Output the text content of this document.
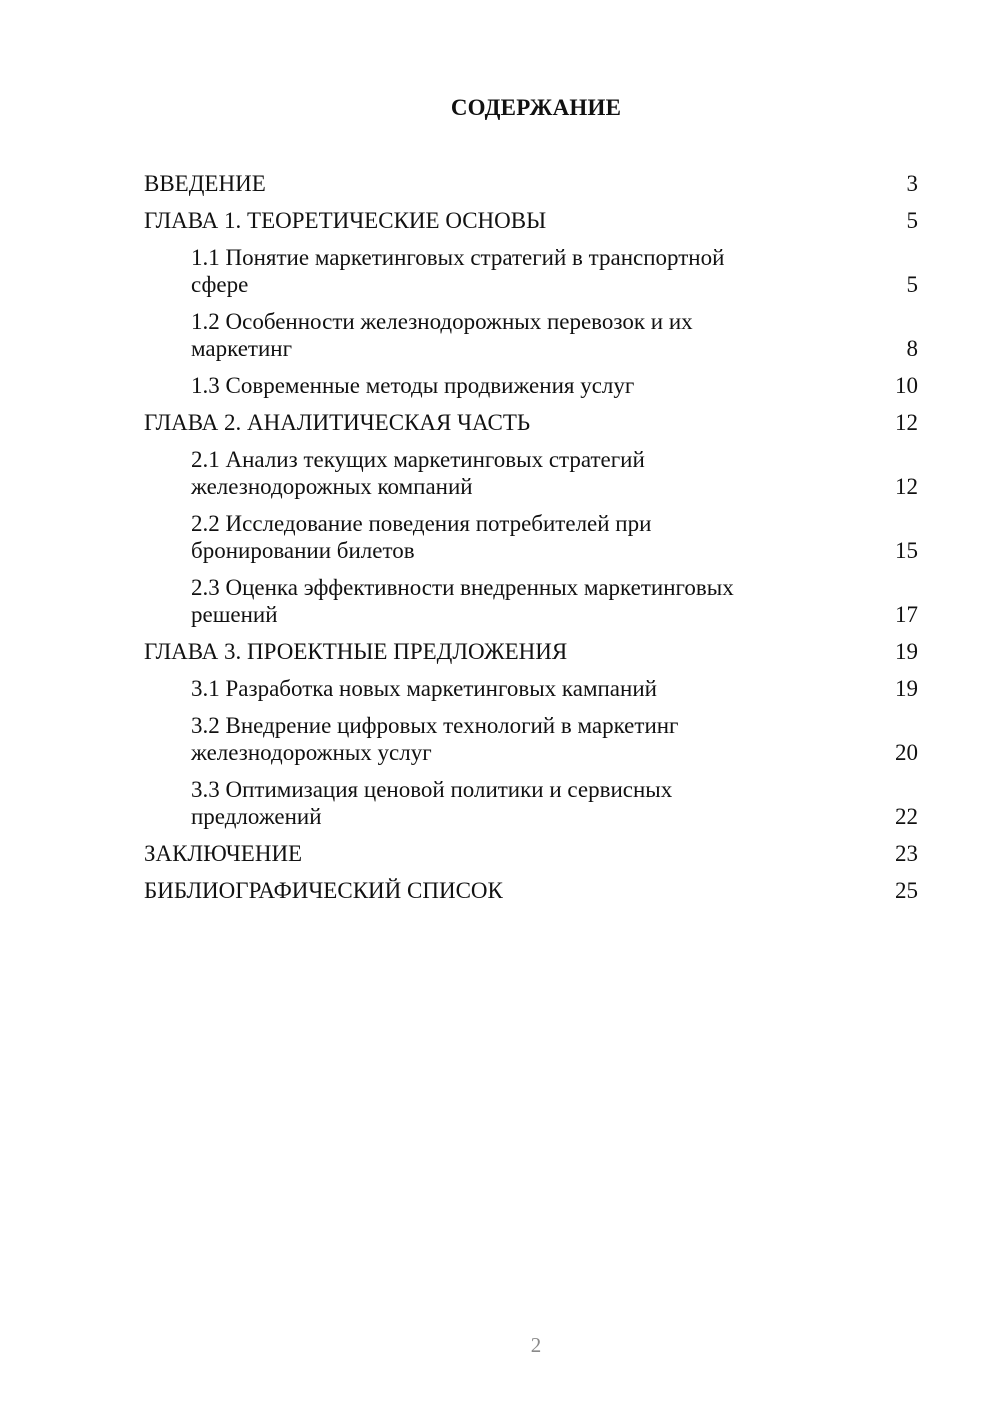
СОДЕРЖАНИЕ
ВВЕДЕНИЕ	3
ГЛАВА 1. ТЕОРЕТИЧЕСКИЕ ОСНОВЫ	5
1.1 Понятие маркетинговых стратегий в транспортной сфере	5
1.2 Особенности железнодорожных перевозок и их маркетинг	8
1.3 Современные методы продвижения услуг	10
ГЛАВА 2. АНАЛИТИЧЕСКАЯ ЧАСТЬ	12
2.1 Анализ текущих маркетинговых стратегий железнодорожных компаний	12
2.2 Исследование поведения потребителей при бронировании билетов	15
2.3 Оценка эффективности внедренных маркетинговых решений	17
ГЛАВА 3. ПРОЕКТНЫЕ ПРЕДЛОЖЕНИЯ	19
3.1 Разработка новых маркетинговых кампаний	19
3.2 Внедрение цифровых технологий в маркетинг железнодорожных услуг	20
3.3 Оптимизация ценовой политики и сервисных предложений	22
ЗАКЛЮЧЕНИЕ	23
БИБЛИОГРАФИЧЕСКИЙ СПИСОК	25
2
